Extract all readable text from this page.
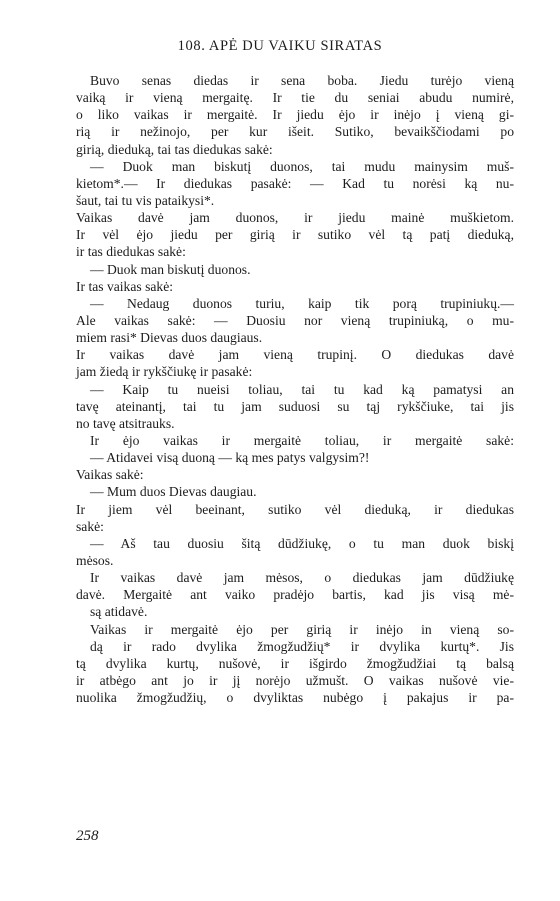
108. APĖ DU VAIKU SIRATAS
Buvo senas diedas ir sena boba. Jiedu turėjo vieną
vaiką ir vieną mergaitę. Ir tie du seniai abudu numirė,
o liko vaikas ir mergaitė. Ir jiedu ėjo ir inėjo į vieną gi-
rią ir nežinojo, per kur išeit. Sutiko, bevaikščiodami po
girią, dieduką, tai tas diedukas sakė:
— Duok man biskutį duonos, tai mudu mainysim muš-
kietom*.— Ir diedukas pasakė: — Kad tu norėsi ką nu-
šaut, tai tu vis pataikysi*.
Vaikas davė jam duonos, ir jiedu mainė muškietom.
Ir vėl ėjo jiedu per girią ir sutiko vėl tą patį dieduką,
ir tas diedukas sakė:
— Duok man biskutį duonos.
Ir tas vaikas sakė:
— Nedaug duonos turiu, kaip tik porą trupiniukų.—
Ale vaikas sakė: — Duosiu nor vieną trupiniuką, o mu-
miem rasi* Dievas duos daugiaus.
Ir vaikas davė jam vieną trupinį. O diedukas davė
jam žiedą ir rykščiukę ir pasakė:
— Kaip tu nueisi toliau, tai tu kad ką pamatysi an
tavę ateinantį, tai tu jam suduosi su tąj rykščiuke, tai jis
no tavę atsitrauks.
Ir ėjo vaikas ir mergaitė toliau, ir mergaitė sakė:
— Atidavei visą duoną — ką mes patys valgysim?!
Vaikas sakė:
— Mum duos Dievas daugiau.
Ir jiem vėl beeinant, sutiko vėl dieduką, ir diedukas
sakė:
— Aš tau duosiu šitą dūdžiukę, o tu man duok biskį
mėsos.
Ir vaikas davė jam mėsos, o diedukas jam dūdžiukę
davė. Mergaitė ant vaiko pradėjo bartis, kad jis visą mė-
są atidavė.
Vaikas ir mergaitė ėjo per girią ir inėjo in vieną so-
dą ir rado dvylika žmogžudžių* ir dvylika kurtų*. Jis
tą dvylika kurtų, nušovė, ir išgirdo žmogžudžiai tą balsą
ir atbėgo ant jo ir jį norėjo užmušt. O vaikas nušovė vie-
nuolika žmogžudžių, o dvyliktas nubėgo į pakajus ir pa-
258
